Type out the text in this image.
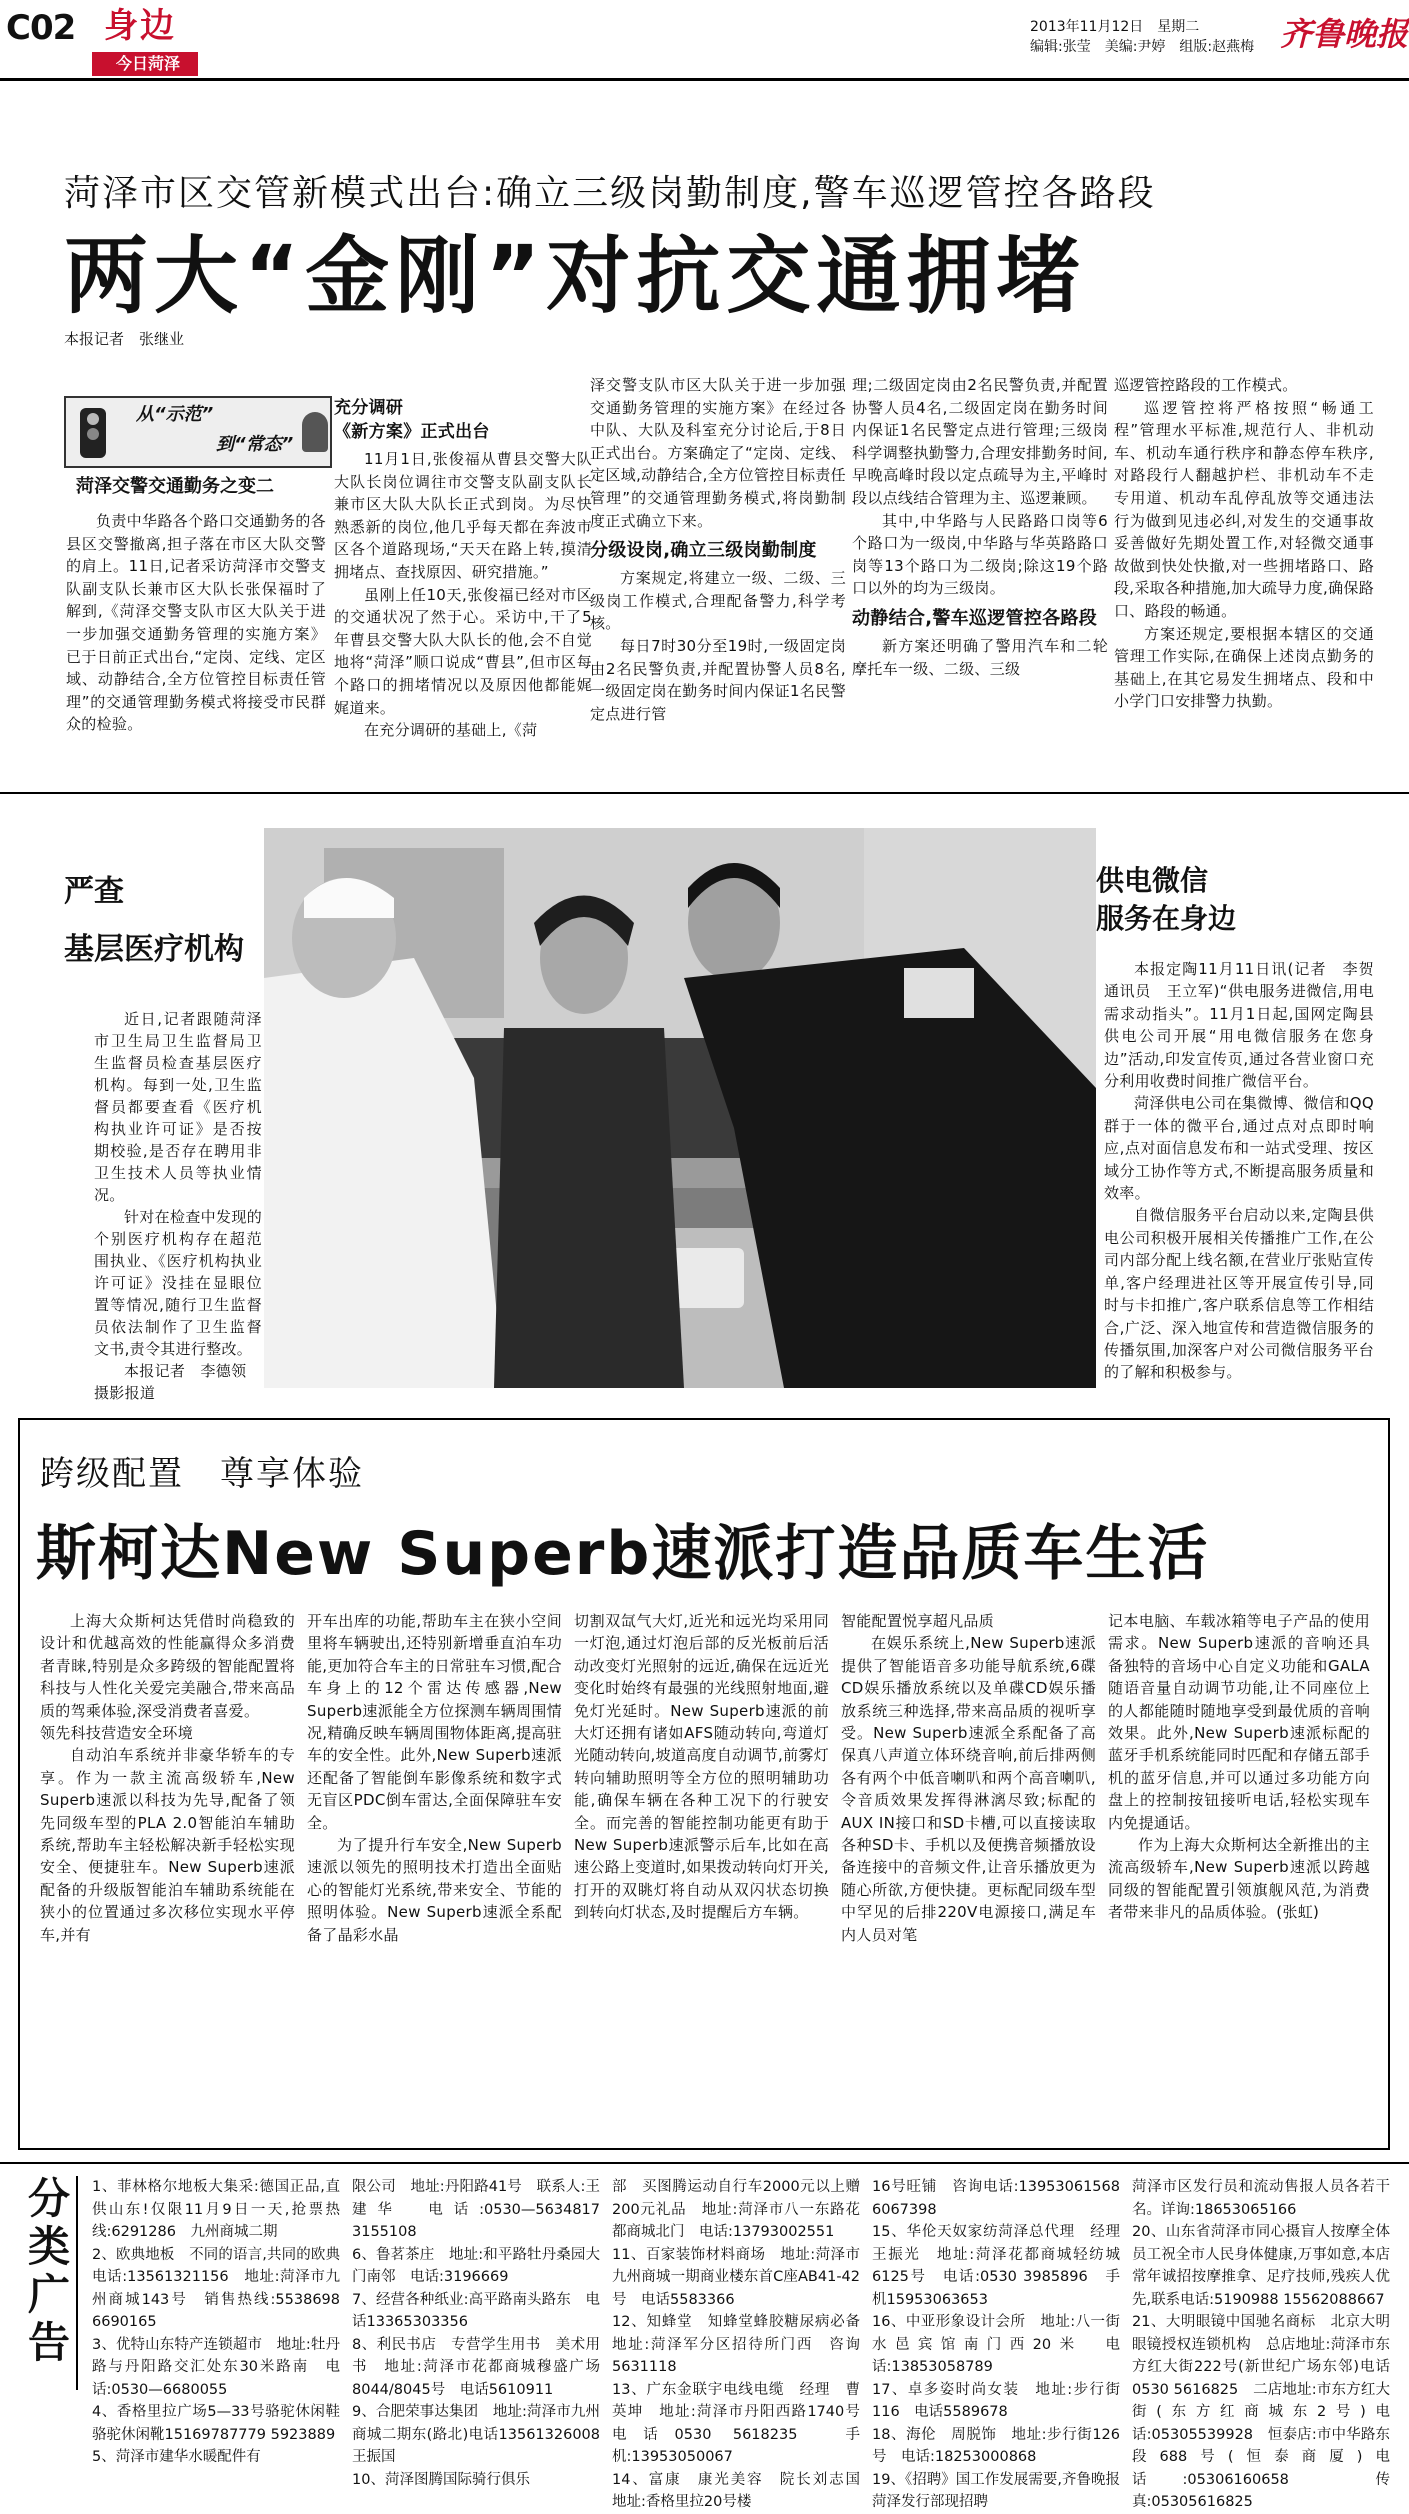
C02 身边
今日菏泽
2013年11月12日　 星期二
编辑:张莹　美编:尹婷　组版:赵燕梅 齐鲁晚报
菏泽市区交管新模式出台:确立三级岗勤制度,警车巡逻管控各路段
两大“金刚”对抗交通拥堵
本报记者　张继业
从“示范”
到“常态”
菏泽交警交通勤务之变二

负责中华路各个路口交通勤务的各县区交警撤离,担子落在市区大队交警的肩上。11日,记者采访菏泽市交警支队副支队长兼市区大队长张保福时了解到,《菏泽交警支队市区大队关于进一步加强交通勤务管理的实施方案》已于日前正式出台,“定岗、定线、定区域、动静结合,全方位管控目标责任管理”的交通管理勤务模式将接受市民群众的检验。

充分调研
《新方案》正式出台

11月1日,张俊福从曹县交警大队大队长岗位调往市交警支队副支队长兼市区大队大队长正式到岗。为尽快熟悉新的岗位,他几乎每天都在奔波市区各个道路现场,“天天在路上转,摸清拥堵点、查找原因、研究措施。”

虽刚上任10天,张俊福已经对市区的交通状况了然于心。采访中,干了5年曹县交警大队大队长的他,会不自觉地将“菏泽”顺口说成“曹县”,但市区每个路口的拥堵情况以及原因他都能娓娓道来。

在充分调研的基础上,《菏

泽交警支队市区大队关于进一步加强交通勤务管理的实施方案》在经过各中队、大队及科室充分讨论后,于8日正式出台。方案确定了“定岗、定线、定区域,动静结合,全方位管控目标责任管理”的交通管理勤务模式,将岗勤制度正式确立下来。

分级设岗,确立三级岗勤制度

方案规定,将建立一级、二级、三级岗工作模式,合理配备警力,科学考核。

每日7时30分至19时,一级固定岗由2名民警负责,并配置协警人员8名,一级固定岗在勤务时间内保证1名民警定点进行管

理;二级固定岗由2名民警负责,并配置协警人员4名,二级固定岗在勤务时间内保证1名民警定点进行管理;三级岗科学调整执勤警力,合理安排勤务时间,早晚高峰时段以定点疏导为主,平峰时段以点线结合管理为主、巡逻兼顾。

其中,中华路与人民路路口岗等6个路口为一级岗,中华路与华英路路口岗等13个路口为二级岗;除这19个路口以外的均为三级岗。

动静结合,警车巡逻管控各路段

新方案还明确了警用汽车和二轮摩托车一级、二级、三级

巡逻管控路段的工作模式。

巡逻管控将严格按照“畅通工程”管理水平标准,规范行人、非机动车、机动车通行秩序和静态停车秩序,对路段行人翻越护栏、非机动车不走专用道、机动车乱停乱放等交通违法行为做到见违必纠,对发生的交通事故妥善做好先期处置工作,对轻微交通事故做到快处快撤,对一些拥堵路口、路段,采取各种措施,加大疏导力度,确保路口、路段的畅通。

方案还规定,要根据本辖区的交通管理工作实际,在确保上述岗点勤务的基础上,在其它易发生拥堵点、段和中小学门口安排警力执勤。

严查
基层医疗机构

近日,记者跟随菏泽市卫生局卫生监督局卫生监督员检查基层医疗机构。每到一处,卫生监督员都要查看《医疗机构执业许可证》是否按期校验,是否存在聘用非卫生技术人员等执业情况。

针对在检查中发现的个别医疗机构存在超范围执业、《医疗机构执业许可证》没挂在显眼位置等情况,随行卫生监督员依法制作了卫生监督文书,责令其进行整改。

本报记者　李德领

摄影报道

供电微信
服务在身边

本报定陶11月11日讯(记者　李贺　通讯员　王立军)“供电服务进微信,用电需求动指头”。11月1日起,国网定陶县供电公司开展“用电微信服务在您身边”活动,印发宣传页,通过各营业窗口充分利用收费时间推广微信平台。

菏泽供电公司在集微博、微信和QQ群于一体的微平台,通过点对点即时响应,点对面信息发布和一站式受理、按区域分工协作等方式,不断提高服务质量和效率。

自微信服务平台启动以来,定陶县供电公司积极开展相关传播推广工作,在公司内部分配上线名额,在营业厅张贴宣传单,客户经理进社区等开展宣传引导,同时与卡扣推广,客户联系信息等工作相结合,广泛、深入地宣传和营造微信服务的传播氛围,加深客户对公司微信服务平台的了解和积极参与。

跨级配置　尊享体验
斯柯达New Superb速派打造品质车生活

上海大众斯柯达凭借时尚稳致的设计和优越高效的性能赢得众多消费者青睐,特别是众多跨级的智能配置将科技与人性化关爱完美融合,带来高品质的驾乘体验,深受消费者喜爱。

领先科技营造安全环境

自动泊车系统并非豪华轿车的专享。作为一款主流高级轿车,New Superb速派以科技为先导,配备了领先同级车型的PLA 2.0智能泊车辅助系统,帮助车主轻松解决新手轻松实现安全、便捷驻车。New Superb速派配备的升级版智能泊车辅助系统能在狭小的位置通过多次移位实现水平停车,并有

开车出库的功能,帮助车主在狭小空间里将车辆驶出,还特别新增垂直泊车功能,更加符合车主的日常驻车习惯,配合车身上的12个雷达传感器,New Superb速派能全方位探测车辆周围情况,精确反映车辆周围物体距离,提高驻车的安全性。此外,New Superb速派还配备了智能倒车影像系统和数字式无盲区PDC倒车雷达,全面保障驻车安全。

为了提升行车安全,New Superb速派以领先的照明技术打造出全面贴心的智能灯光系统,带来安全、节能的照明体验。New Superb速派全系配备了晶彩水晶

切割双氙气大灯,近光和远光均采用同一灯泡,通过灯泡后部的反光板前后活动改变灯光照射的远近,确保在远近光变化时始终有最强的光线照射地面,避免灯光延时。New Superb速派的前大灯还拥有诸如AFS随动转向,弯道灯光随动转向,坡道高度自动调节,前雾灯转向辅助照明等全方位的照明辅助功能,确保车辆在各种工况下的行驶安全。而完善的智能控制功能更有助于New Superb速派警示后车,比如在高速公路上变道时,如果拨动转向灯开关,打开的双眺灯将自动从双闪状态切换到转向灯状态,及时提醒后方车辆。

智能配置悦享超凡品质

在娱乐系统上,New Superb速派提供了智能语音多功能导航系统,6碟CD娱乐播放系统以及单碟CD娱乐播放系统三种选择,带来高品质的视听享受。New Superb速派全系配备了高保真八声道立体环绕音响,前后排两侧各有两个中低音喇叭和两个高音喇叭,令音质效果发挥得淋漓尽致;标配的AUX IN接口和SD卡槽,可以直接读取各种SD卡、手机以及便携音频播放设备连接中的音频文件,让音乐播放更为随心所欲,方便快捷。更标配同级车型中罕见的后排220V电源接口,满足车内人员对笔

记本电脑、车载冰箱等电子产品的使用需求。New Superb速派的音响还具备独特的音场中心自定义功能和GALA随语音量自动调节功能,让不同座位上的人都能随时随地享受到最优质的音响效果。此外,New Superb速派标配的蓝牙手机系统能同时匹配和存储五部手机的蓝牙信息,并可以通过多功能方向盘上的控制按钮接听电话,轻松实现车内免提通话。

作为上海大众斯柯达全新推出的主流高级轿车,New Superb速派以跨越同级的智能配置引领旗舰风范,为消费者带来非凡的品质体验。(张虹)

分类广告 1、菲林格尔地板大集采:德国正品,直供山东!仅限11月9日一天,抢票热线:6291286　九州商城二期
2、欧典地板　不同的语言,共同的欧典　电话:13561321156　地址:菏泽市九州商城143号　销售热线:5538698 6690165
3、优特山东特产连锁超市　地址:牡丹路与丹阳路交汇处东30米路南　电话:0530—6680055
4、香格里拉广场5—33号骆驼休闲鞋　骆驼休闲靴15169787779 5923889
5、菏泽市建华水暖配件有
限公司　地址:丹阳路41号　联系人:王建华　电话:0530—5634817 3155108
6、鲁茗茶庄　地址:和平路牡丹桑园大门南邻　电话:3196669
7、经营各种纸业:高平路南头路东　电话13365303356
8、利民书店　专营学生用书　美术用书　地址:菏泽市花都商城穆盛广场8044/8045号　电话5610911
9、合肥荣事达集团　地址:菏泽市九州商城二期东(路北)电话13561326008　王振国
10、菏泽图腾国际骑行俱乐
部　买图腾运动自行车2000元以上赠200元礼品　地址:菏泽市八一东路花都商城北门　电话:13793002551
11、百家装饰材料商场　地址:菏泽市九州商城一期商业楼东首C座AB41-42号　电话5583366
12、知蜂堂　知蜂堂蜂胶糖尿病必备　地址:菏泽军分区招待所门西　咨询5631118
13、广东金联宇电线电缆　经理　曹英坤　地址:菏泽市丹阳西路1740号　电话0530 5618235　手机:13953050067
14、富康　康光美容　院长刘志国　地址:香格里拉20号楼
16号旺铺　咨询电话:13953061568 6067398
15、华伦天奴家纺菏泽总代理　经理王振光　地址:菏泽花都商城轻纺城6125号　电话:0530 3985896　手机15953063653
16、中亚形象设计会所　地址:八一街水邑宾馆南门西20米　电话:13853058789
17、卓多姿时尚女装　地址:步行街116　电话5589678
18、海伦　周脱饰　地址:步行街126号　电话:18253000868
19、《招聘》国工作发展需要,齐鲁晚报菏泽发行部现招聘
菏泽市区发行员和流动售报人员各若干名。详询:18653065166
20、山东省菏泽市同心摄盲人按摩全体员工祝全市人民身体健康,万事如意,本店常年诚招按摩推拿、足疗技师,残疾人优先,联系电话:5190988 15562088667
21、大明眼镜中国驰名商标　北京大明眼镜授权连锁机构　总店地址:菏泽市东方红大街222号(新世纪广场东邻)电话0530 5616825　二店地址:市东方红大街(东方红商城东2号)电话:05305539928　恒泰店:市中华路东段688号(恒泰商厦)电话:05306160658　传真:05305616825
